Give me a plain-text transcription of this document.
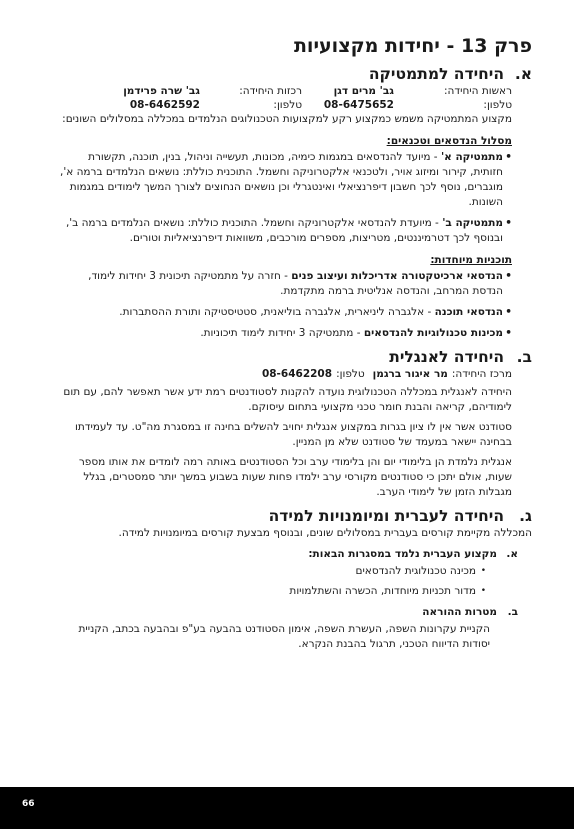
פרק 13 - יחידות מקצועיות
א.
היחידה למתמטיקה
ראשות היחידה:
גב' מרים דגן
רכזות היחידה:
גב' שרה פרידמן
טלפון:
08-6475652
טלפון:
08-6462592

מקצוע המתמטיקה משמש כמקצוע רקע למקצועות הטכנולוגים הנלמדים במכללה במסלולים השונים:

מסלול הנדסאים וטכנאים:
• מתמטיקה א' - מיועד להנדסאים במגמות כימיה, מכונות, תעשייה וניהול, בנין, תוכנה, תקשורת חזותית, קירור ומיזוג אויר, ולטכנאי אלקטרוניקה וחשמל. התוכנית כוללת: נושאים הנלמדים ברמה א', מוגברים, נוסף לכך חשבון דיפרנציאלי ואינטגרלי וכן נושאים הנחוצים לצורך המשך לימודים במגמות השונות.
• מתמטיקה ב' - מיועדת להנדסאי אלקטרוניקה וחשמל. התוכנית כוללת: נושאים הנלמדים ברמה ב', ובנוסף לכך דטרמיננטים, מטריצות, מספרים מורכבים, משוואות דיפרנציאליות וטורים.
תוכניות מיוחדות:
• הנדסאי ארכיטקטורה אדריכלות ועיצוב פנים - חזרה על מתמטיקה תיכונית 3 יחידות לימוד, הנדסת המרחב, והנדסה אנליטית ברמה מתקדמת.
• הנדסאי תוכנה - אלגברה ליניארית, אלגברה בוליאנית, סטטיסטיקה ותורת ההסתברות.
• מכינות טכנולוגיות להנדסאים - מתמטיקה 3 יחידות לימוד תיכוניות.
ב.
היחידה לאנגלית
מרכז היחידה:
מר איגור ברגמן
טלפון:
08-6462208

היחידה לאנגלית במכללה הטכנולוגית נועדה להקנות לסטודנטים רמת ידע אשר תאפשר להם, עם תום לימודיהם, קריאה והבנת חומר טכני מקצועי בתחום עיסוקם.

סטודנט אשר אין לו ציון בגרות במקצוע אנגלית יחויב להשלים בחינה זו במסגרת מה"ט. עד לעמידתו בבחינה יישאר במעמד של סטודנט שלא מן המניין.

אנגלית נלמדת הן בלימודי יום והן בלימודי ערב וכל הסטודנטים באותה רמה לומדים את אותו מספר שעות, אולם יתכן כי סטודנטים מקורסי ערב ילמדו פחות שעות בשבוע במשך יותר סמסטרים, בגלל מגבלות הזמן של לימודי הערב.

ג.
היחידה לעברית ומיומנויות למידה

המכללה מקיימת קורסים בעברית במסלולים שונים, ובנוסף מבצעת קורסים במיומנויות למידה.

א.
מקצוע העברית נלמד במסגרות הבאות:
• מכינה טכנולוגית להנדסאים
• מדור תכניות מיוחדות, הכשרה והשתלמויות
ב.
מטרות ההוראה

הקניית עקרונות השפה, העשרת השפה, אימון הסטודנט בהבעה בע"פ ובהבעה בכתב, הקניית יסודות הדיווח הטכני, תרגול בהבנת הנקרא.

66
